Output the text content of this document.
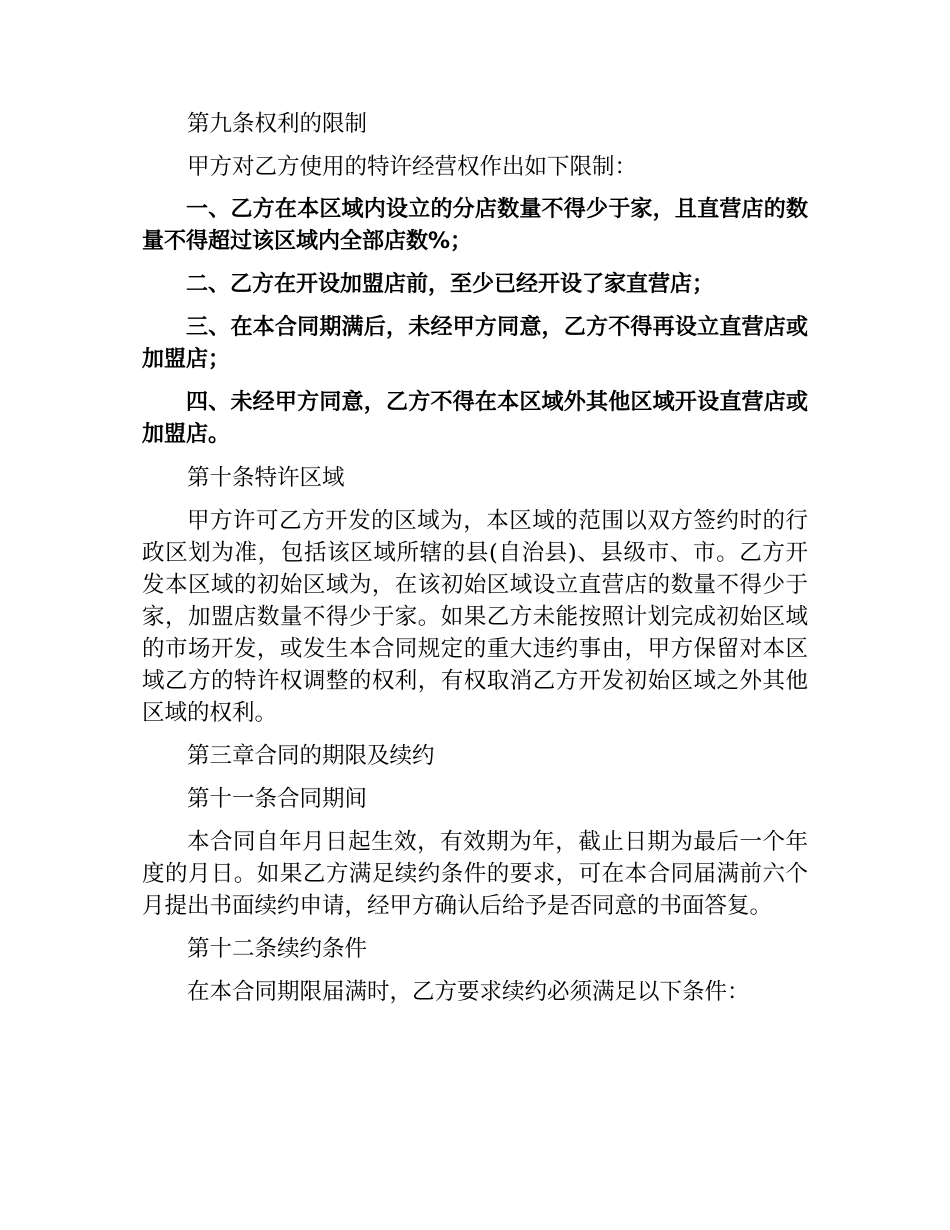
第九条权利的限制

甲方对乙方使用的特许经营权作出如下限制：

一、乙方在本区域内设立的分店数量不得少于家，且直营店的数量不得超过该区域内全部店数%；

二、乙方在开设加盟店前，至少已经开设了家直营店；

三、在本合同期满后，未经甲方同意，乙方不得再设立直营店或加盟店；

四、未经甲方同意，乙方不得在本区域外其他区域开设直营店或加盟店。

第十条特许区域

甲方许可乙方开发的区域为，本区域的范围以双方签约时的行政区划为准，包括该区域所辖的县(自治县)、县级市、市。乙方开发本区域的初始区域为，在该初始区域设立直营店的数量不得少于家，加盟店数量不得少于家。如果乙方未能按照计划完成初始区域的市场开发，或发生本合同规定的重大违约事由，甲方保留对本区域乙方的特许权调整的权利，有权取消乙方开发初始区域之外其他区域的权利。

第三章合同的期限及续约

第十一条合同期间

本合同自年月日起生效，有效期为年，截止日期为最后一个年度的月日。如果乙方满足续约条件的要求，可在本合同届满前六个月提出书面续约申请，经甲方确认后给予是否同意的书面答复。

第十二条续约条件

在本合同期限届满时，乙方要求续约必须满足以下条件：
